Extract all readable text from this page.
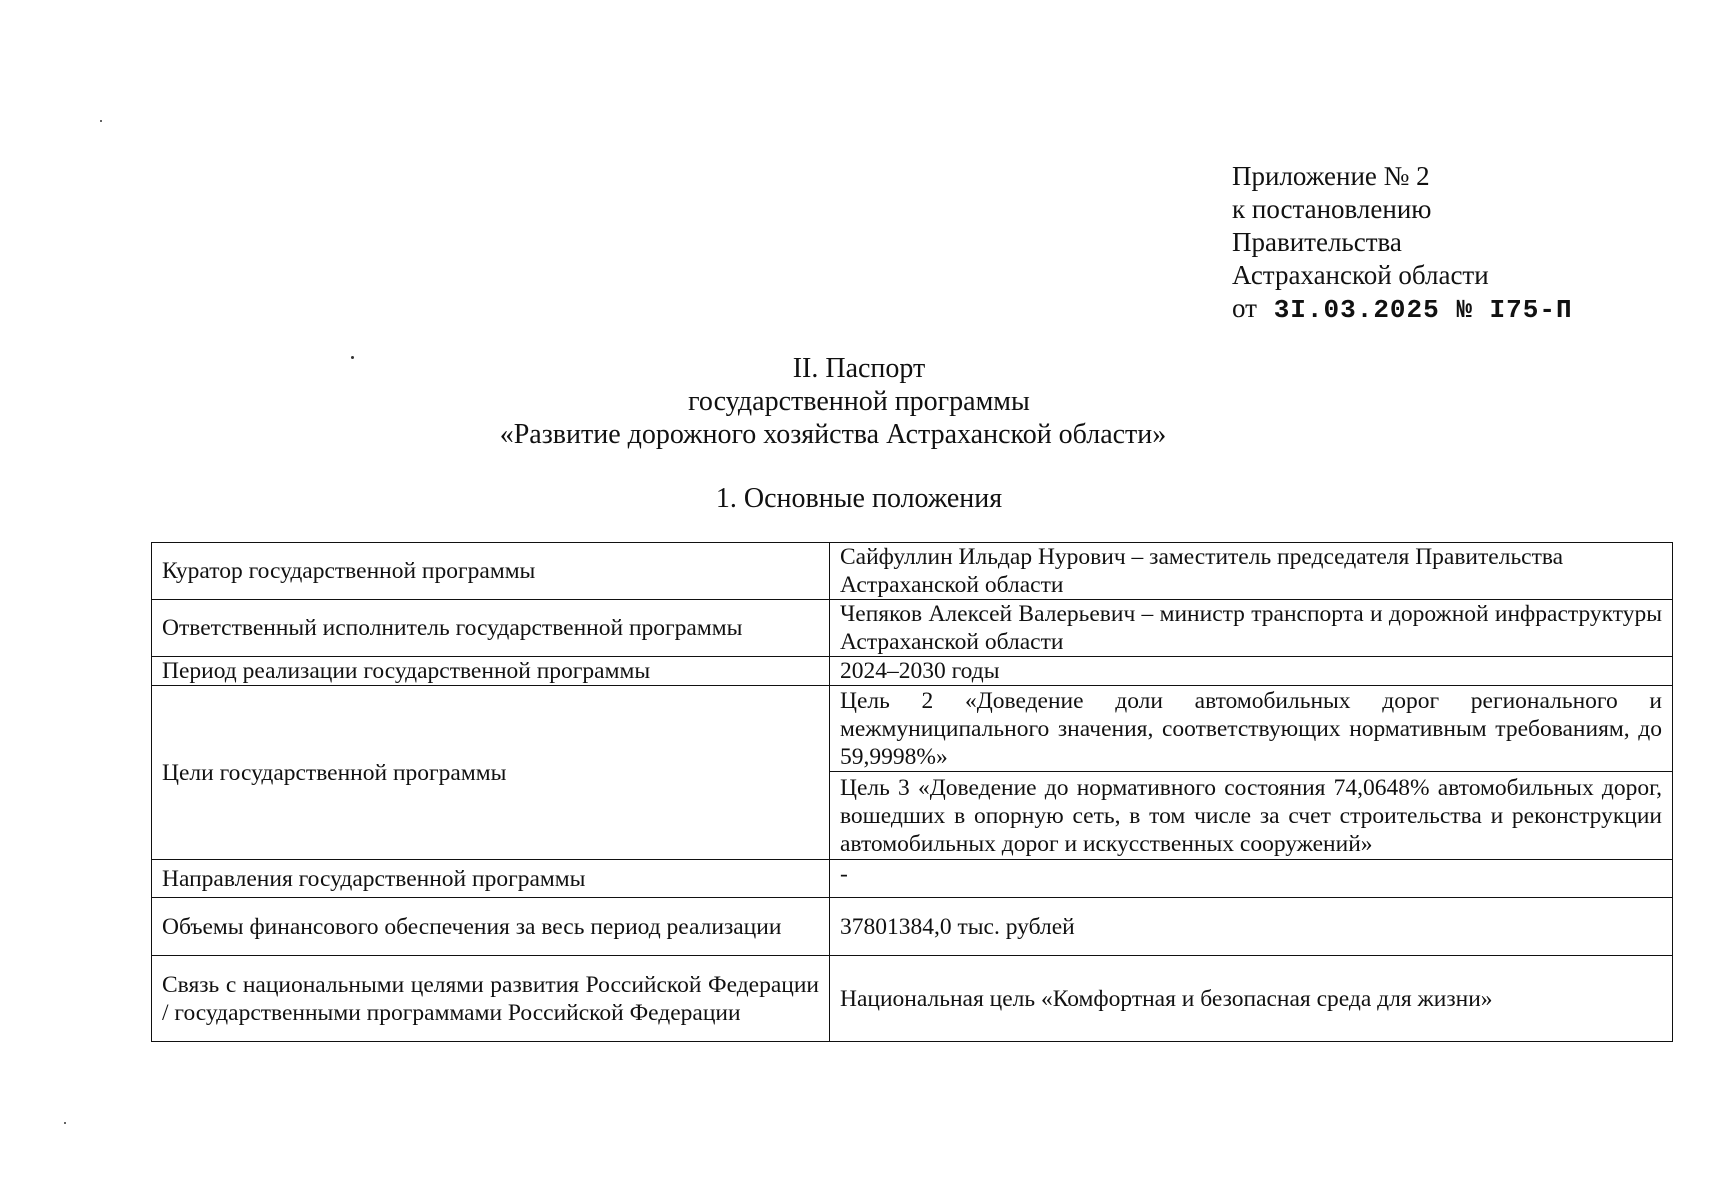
Приложение № 2
к постановлению
Правительства
Астраханской области
от 3I.03.2025 № I75-П
II. Паспорт
государственной программы
«Развитие дорожного хозяйства Астраханской области»
1. Основные положения
Куратор государственной программы	Сайфуллин Ильдар Нурович – заместитель председателя Правительства Астраханской области
Ответственный исполнитель государственной программы	Чепяков Алексей Валерьевич – министр транспорта и дорожной инфраструктуры Астраханской области
Период реализации государственной программы	2024–2030 годы
Цели государственной программы	Цель 2 «Доведение доли автомобильных дорог регионального и межмуниципального значения, соответствующих нормативным требованиям, до 59,9998%»
	Цель 3 «Доведение до нормативного состояния 74,0648% автомобильных дорог, вошедших в опорную сеть, в том числе за счет строительства и реконструкции автомобильных дорог и искусственных сооружений»
Направления государственной программы	-
Объемы финансового обеспечения за весь период реализации	37801384,0 тыс. рублей
Связь с национальными целями развития Российской Федерации / государственными программами Российской Федерации	Национальная цель «Комфортная и безопасная среда для жизни»
